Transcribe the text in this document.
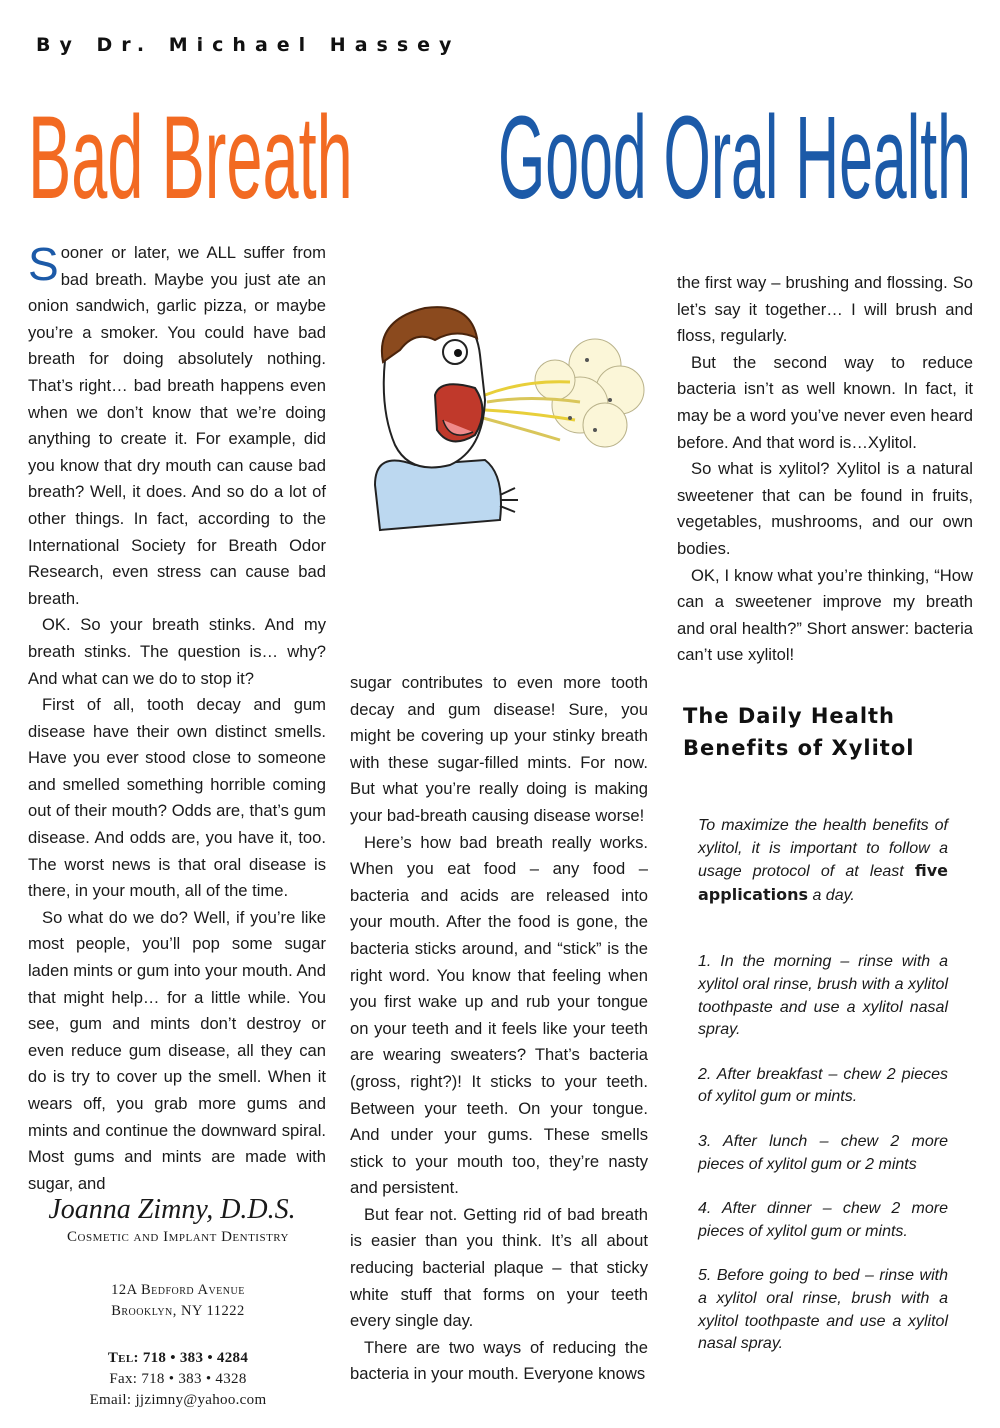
By Dr. Michael Hassey
Bad Breath Good Oral Health

Sooner or later, we ALL suffer from bad breath. Maybe you just ate an onion sandwich, garlic pizza, or maybe you’re a smoker. You could have bad breath for doing absolutely nothing. That’s right… bad breath happens even when we don’t know that we’re doing anything to create it. For example, did you know that dry mouth can cause bad breath? Well, it does. And so do a lot of other things. In fact, according to the International Society for Breath Odor Research, even stress can cause bad breath.

OK. So your breath stinks. And my breath stinks. The question is… why? And what can we do to stop it?

First of all, tooth decay and gum disease have their own distinct smells. Have you ever stood close to someone and smelled something horrible coming out of their mouth? Odds are, that’s gum disease. And odds are, you have it, too. The worst news is that oral disease is there, in your mouth, all of the time.

So what do we do? Well, if you’re like most people, you’ll pop some sugar laden mints or gum into your mouth. And that might help… for a little while. You see, gum and mints don’t destroy or even reduce gum disease, all they can do is try to cover up the smell. When it wears off, you grab more gums and mints and continue the downward spiral. Most gums and mints are made with sugar, and

sugar contributes to even more tooth decay and gum disease! Sure, you might be covering up your stinky breath with these sugar-filled mints. For now. But what you’re really doing is making your bad-breath causing disease worse!

Here’s how bad breath really works. When you eat food – any food – bacteria and acids are released into your mouth. After the food is gone, the bacteria sticks around, and “stick” is the right word. You know that feeling when you first wake up and rub your tongue on your teeth and it feels like your teeth are wearing sweaters? That’s bacteria (gross, right?)! It sticks to your teeth. Between your teeth. On your tongue. And under your gums. These smells stick to your mouth too, they’re nasty and persistent.

But fear not. Getting rid of bad breath is easier than you think. It’s all about reducing bacterial plaque – that sticky white stuff that forms on your teeth every single day.

There are two ways of reducing the bacteria in your mouth. Everyone knows

the first way – brushing and flossing. So let’s say it together… I will brush and floss, regularly.

But the second way to reduce bacteria isn’t as well known. In fact, it may be a word you’ve never even heard before. And that word is…Xylitol.

So what is xylitol? Xylitol is a natural sweetener that can be found in fruits, vegetables, mushrooms, and our own bodies.

OK, I know what you’re thinking, “How can a sweetener improve my breath and oral health?” Short answer: bacteria can’t use xylitol!

The Daily Health
Benefits of Xylitol

To maximize the health benefits of xylitol, it is important to follow a usage protocol of at least five applications a day.

1. In the morning – rinse with a xylitol oral rinse, brush with a xylitol toothpaste and use a xylitol nasal spray.

2. After breakfast – chew 2 pieces of xylitol gum or mints.

3. After lunch – chew 2 more pieces of xylitol gum or 2 mints

4. After dinner – chew 2 more pieces of xylitol gum or mints.

5. Before going to bed – rinse with a xylitol oral rinse, brush with a xylitol toothpaste and use a xylitol nasal spray.

Joanna Zimny, D.D.S.
Cosmetic and Implant Dentistry
12A Bedford Avenue
Brooklyn, NY 11222
Tel: 718 • 383 • 4284
Fax: 718 • 383 • 4328
Email: jjzimny@yahoo.com
